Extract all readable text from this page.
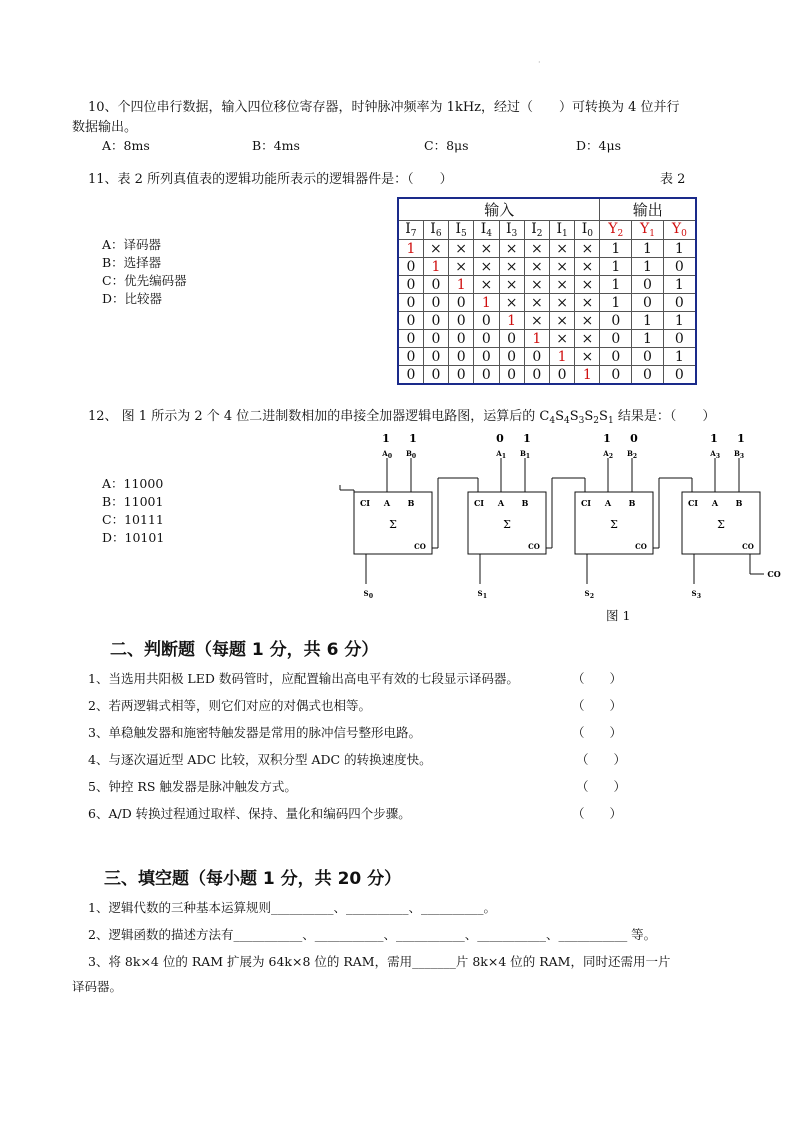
·
10、个四位串行数据，输入四位移位寄存器，时钟脉冲频率为 1kHz，经过（　　）可转换为 4 位并行
数据输出。
A：8ms	B：4ms	C：8μs	D：4μs
11、表 2 所列真值表的逻辑功能所表示的逻辑器件是：（　　）	表 2
A：译码器
B：选择器
C：优先编码器
D：比较器
输入								输出		
$I_7$	$I_6$	$I_5$	$I_4$	$I_3$	$I_2$	$I_1$	$I_0$	$Y_2$	$Y_1$	$Y_0$
1	×	×	×	×	×	×	×	1	1	1
0	1	×	×	×	×	×	×	1	1	0
0	0	1	×	×	×	×	×	1	0	1
0	0	0	1	×	×	×	×	1	0	0
0	0	0	0	1	×	×	×	0	1	1
0	0	0	0	0	1	×	×	0	1	0
0	0	0	0	0	0	1	×	0	0	1
0	0	0	0	0	0	0	1	0	0	0
12、 图 1 所示为 2 个 4 位二进制数相加的串接全加器逻辑电路图，运算后的 $C_4S_4S_3S_2S_1$ 结果是：（　　）
A：11000
B：11001
C：10111
D：10101
CI A B
Σ
CO
1 1
A 0 B 0
S 0
CI A B
Σ
CO
0 1
A 1 B 1
S 1
CI A B
Σ
CO
1 0
A 2 B 2
S 2
CI A B
Σ
CO
1 1
A 3 B 3
S 3
CO
图 1
二、判断题（每题 1 分，共 6 分）
1、当选用共阳极 LED 数码管时，应配置输出高电平有效的七段显示译码器。
2、若两逻辑式相等，则它们对应的对偶式也相等。
3、单稳触发器和施密特触发器是常用的脉冲信号整形电路。
4、与逐次逼近型 ADC 比较，双积分型 ADC 的转换速度快。
5、钟控 RS 触发器是脉冲触发方式。
6、A/D 转换过程通过取样、保持、量化和编码四个步骤。
（　　）
（　　）
（　　）
（　　）
（　　）
（　　）
三、填空题（每小题 1 分，共 20 分）
1、逻辑代数的三种基本运算规则__________、__________、__________。
2、逻辑函数的描述方法有___________、___________、___________、___________、___________ 等。
3、将 8k×4 位的 RAM 扩展为 64k×8 位的 RAM，需用_______片 8k×4 位的 RAM，同时还需用一片
译码器。
